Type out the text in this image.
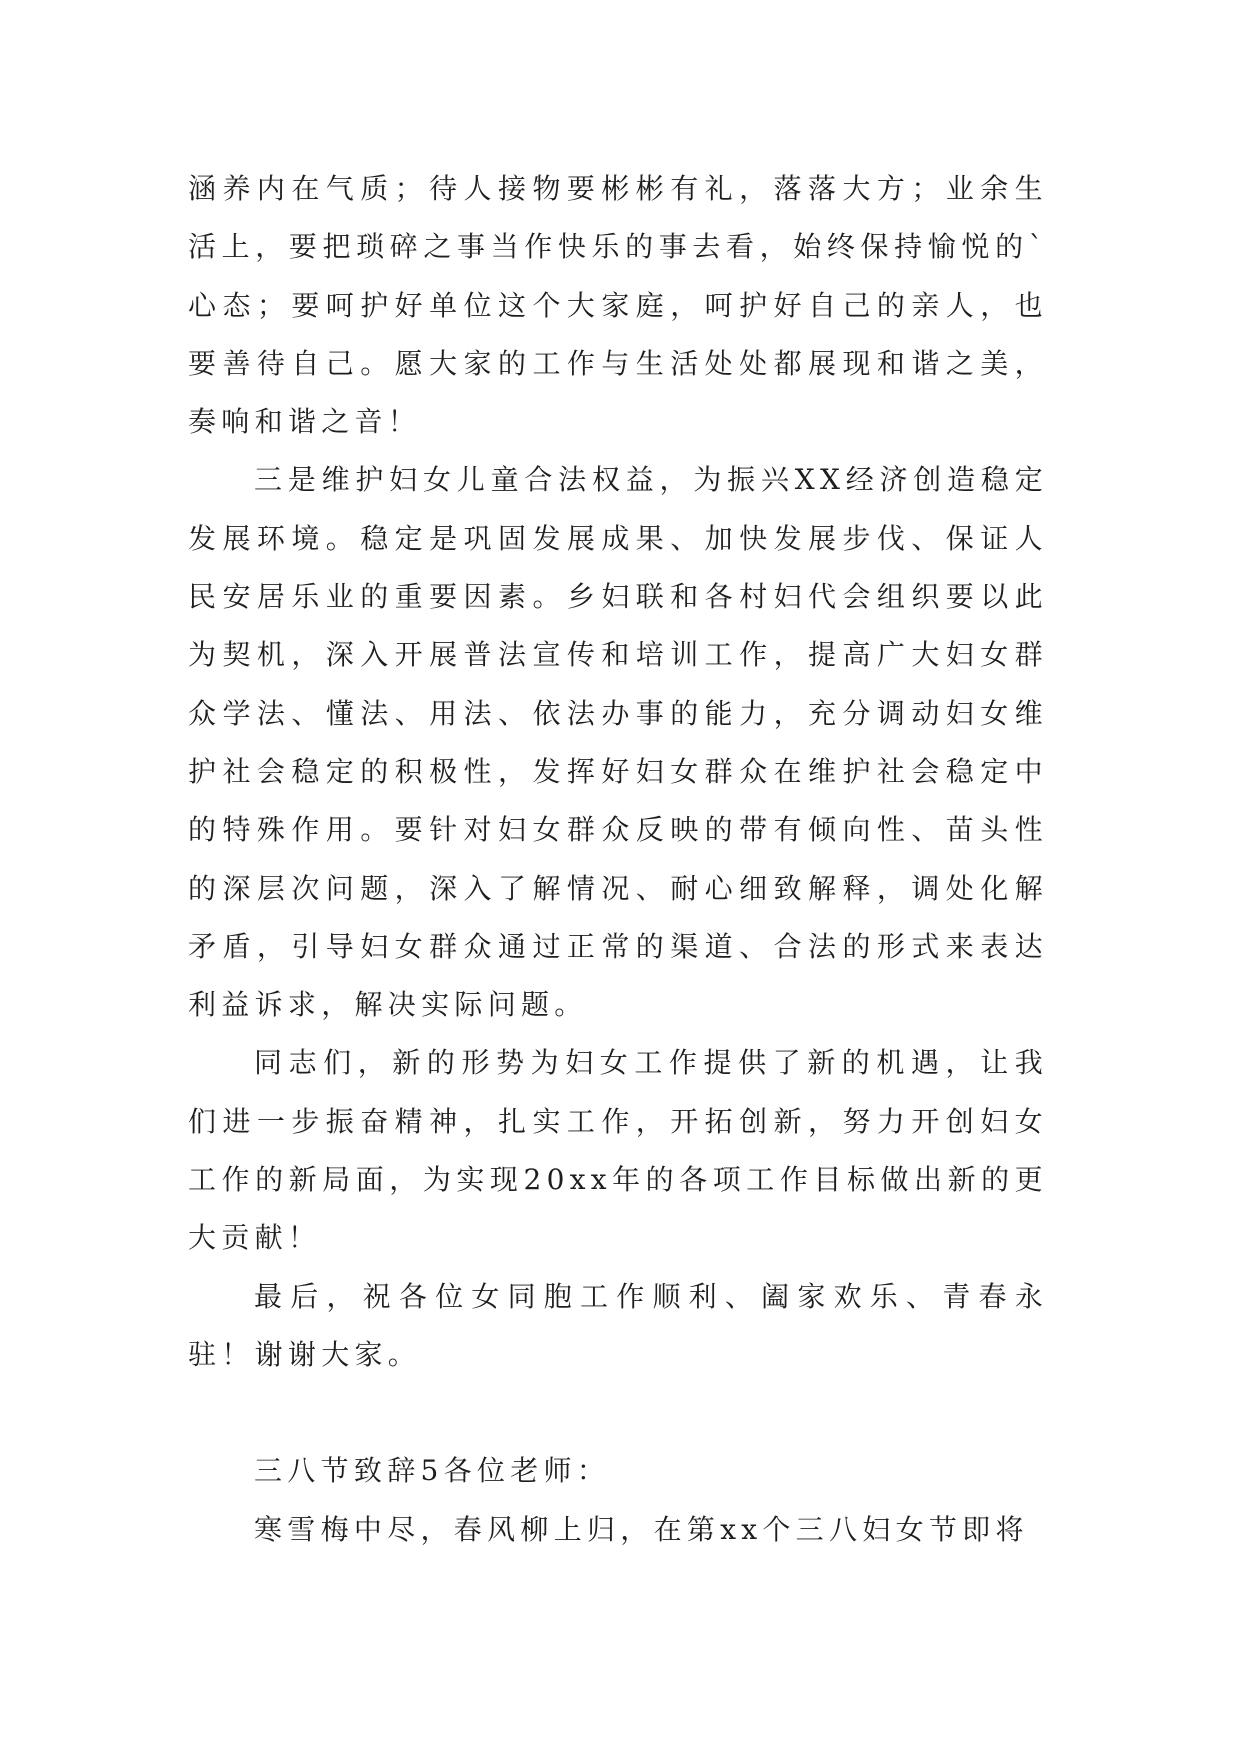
涵养内在气质；待人接物要彬彬有礼，落落大方；业余生活上，要把琐碎之事当作快乐的事去看，始终保持愉悦的`心态；要呵护好单位这个大家庭，呵护好自己的亲人，也要善待自己。愿大家的工作与生活处处都展现和谐之美，奏响和谐之音！

三是维护妇女儿童合法权益，为振兴XX经济创造稳定发展环境。稳定是巩固发展成果、加快发展步伐、保证人民安居乐业的重要因素。乡妇联和各村妇代会组织要以此为契机，深入开展普法宣传和培训工作，提高广大妇女群众学法、懂法、用法、依法办事的能力，充分调动妇女维护社会稳定的积极性，发挥好妇女群众在维护社会稳定中的特殊作用。要针对妇女群众反映的带有倾向性、苗头性的深层次问题，深入了解情况、耐心细致解释，调处化解矛盾，引导妇女群众通过正常的渠道、合法的形式来表达利益诉求，解决实际问题。

同志们，新的形势为妇女工作提供了新的机遇，让我们进一步振奋精神，扎实工作，开拓创新，努力开创妇女工作的新局面，为实现20xx年的各项工作目标做出新的更大贡献！

最后，祝各位女同胞工作顺利、阖家欢乐、青春永驻！谢谢大家。

三八节致辞5各位老师：

寒雪梅中尽，春风柳上归，在第xx个三八妇女节即将
